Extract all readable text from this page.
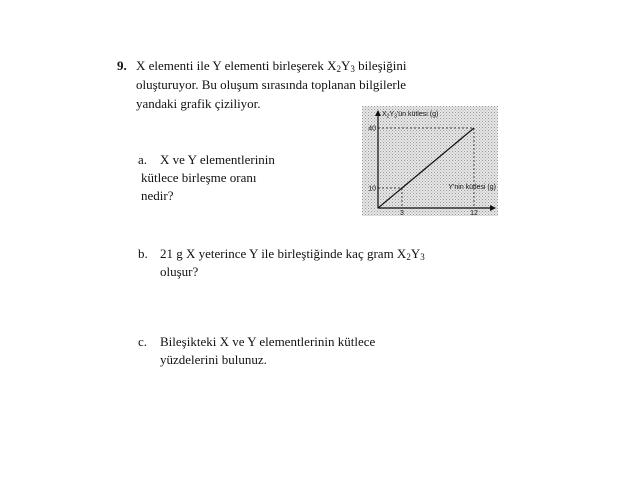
9. X elementi ile Y elementi birleşerek $X_2Y_3$ bileşiğini
oluşturuyor. Bu oluşum sırasında toplanan bilgilerle
yandaki grafik çiziliyor.
a. X ve Y elementlerinin
kütlece birleşme oranı
nedir?
40
10
3	12
Y'nin kütlesi (g)
$X_2Y_3'ün$ kütlesi (g)
b. 21 g X yeterince Y ile birleştiğinde kaç gram $X_2Y_3$
oluşur?
c. Bileşikteki X ve Y elementlerinin kütlece
yüzdelerini bulunuz.
